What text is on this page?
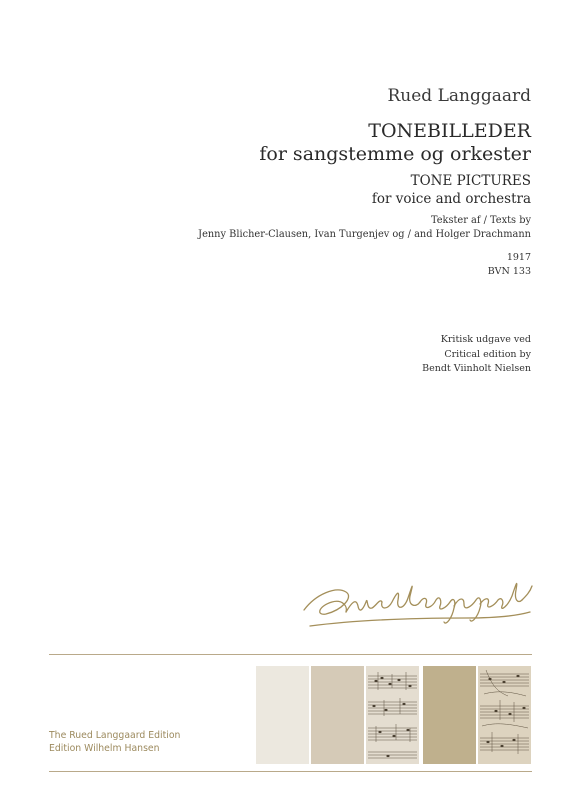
Rued Langgaard
TONEBILLEDER
for sangstemme og orkester
TONE PICTURES
for voice and orchestra
Tekster af / Texts by
Jenny Blicher-Clausen, Ivan Turgenjev og / and Holger Drachmann
1917
BVN 133
Kritisk udgave ved
Critical edition by
Bendt Viinholt Nielsen
The Rued Langgaard Edition
Edition Wilhelm Hansen
